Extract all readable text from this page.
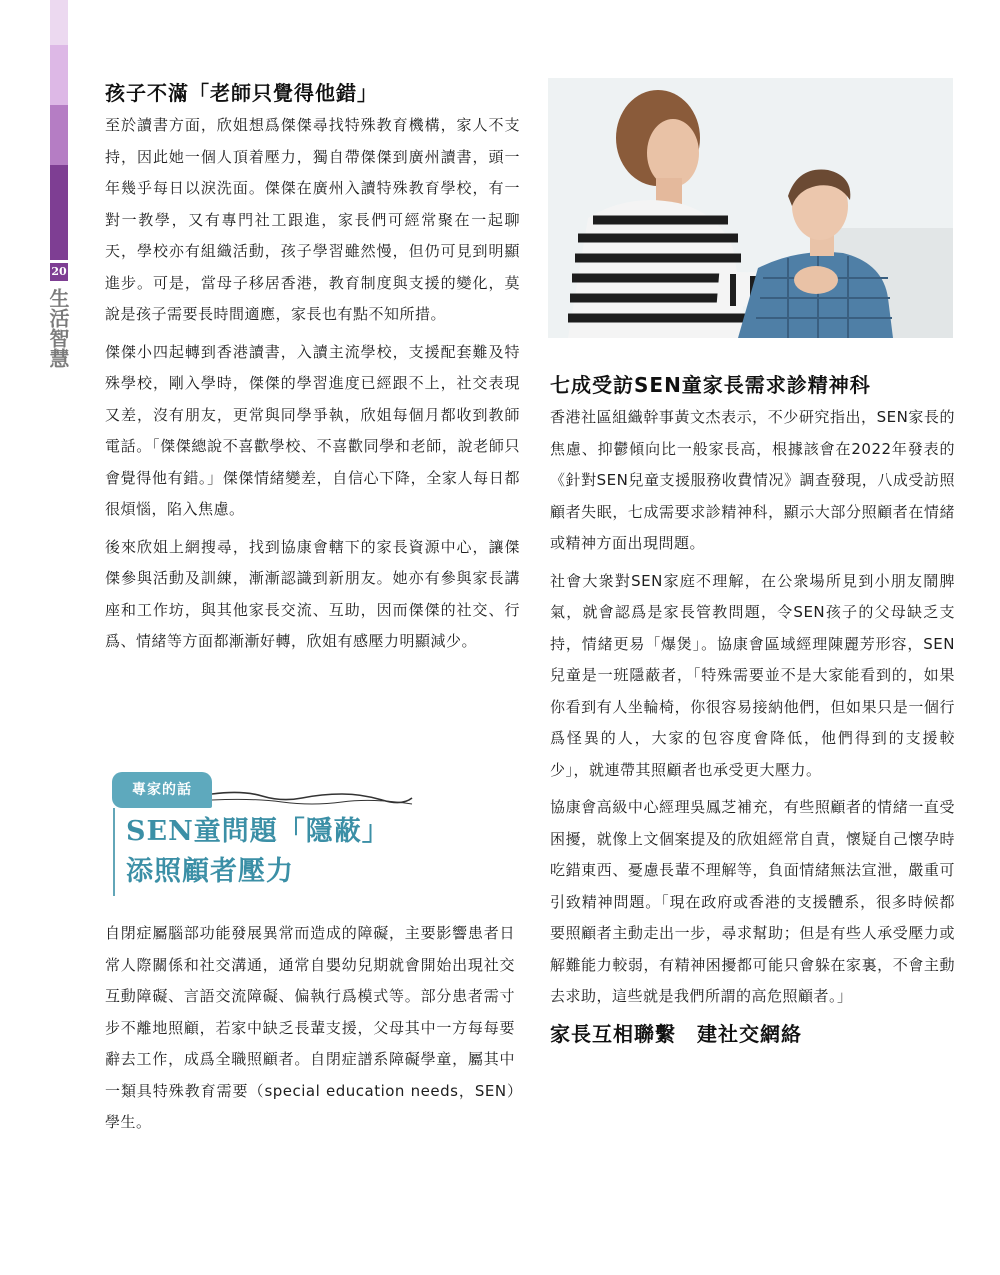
20
生活智慧
孩子不滿「老師只覺得他錯」

至於讀書方面，欣姐想爲傑傑尋找特殊教育機構，家人不支持，因此她一個人頂着壓力，獨自帶傑傑到廣州讀書，頭一年幾乎每日以淚洗面。傑傑在廣州入讀特殊教育學校，有一對一教學，又有專門社工跟進，家長們可經常聚在一起聊天，學校亦有組織活動，孩子學習雖然慢，但仍可見到明顯進步。可是，當母子移居香港，教育制度與支援的變化，莫說是孩子需要長時間適應，家長也有點不知所措。

傑傑小四起轉到香港讀書，入讀主流學校，支援配套難及特殊學校，剛入學時，傑傑的學習進度已經跟不上，社交表現又差，沒有朋友，更常與同學爭執，欣姐每個月都收到教師電話。「傑傑總說不喜歡學校、不喜歡同學和老師，說老師只會覺得他有錯。」傑傑情緒變差，自信心下降，全家人每日都很煩惱，陷入焦慮。

後來欣姐上網搜尋，找到協康會轄下的家長資源中心，讓傑傑參與活動及訓練，漸漸認識到新朋友。她亦有參與家長講座和工作坊，與其他家長交流、互助，因而傑傑的社交、行爲、情緒等方面都漸漸好轉，欣姐有感壓力明顯減少。

專家的話
SEN童問題「隱蔽」
添照顧者壓力

自閉症屬腦部功能發展異常而造成的障礙，主要影響患者日常人際關係和社交溝通，通常自嬰幼兒期就會開始出現社交互動障礙、言語交流障礙、偏執行爲模式等。部分患者需寸步不離地照顧，若家中缺乏長輩支援，父母其中一方每每要辭去工作，成爲全職照顧者。自閉症譜系障礙學童，屬其中一類具特殊教育需要（special education needs，SEN）學生。

七成受訪SEN童家長需求診精神科

香港社區組織幹事黃文杰表示，不少研究指出，SEN家長的焦慮、抑鬱傾向比一般家長高，根據該會在2022年發表的《針對SEN兒童支援服務收費情况》調查發現，八成受訪照顧者失眠，七成需要求診精神科，顯示大部分照顧者在情緒或精神方面出現問題。

社會大衆對SEN家庭不理解，在公衆場所見到小朋友鬧脾氣，就會認爲是家長管教問題，令SEN孩子的父母缺乏支持，情緒更易「爆煲」。協康會區域經理陳麗芳形容，SEN兒童是一班隱蔽者，「特殊需要並不是大家能看到的，如果你看到有人坐輪椅，你很容易接納他們，但如果只是一個行爲怪異的人，大家的包容度會降低，他們得到的支援較少」，就連帶其照顧者也承受更大壓力。

協康會高級中心經理吳鳳芝補充，有些照顧者的情緒一直受困擾，就像上文個案提及的欣姐經常自責，懷疑自己懷孕時吃錯東西、憂慮長輩不理解等，負面情緒無法宣泄，嚴重可引致精神問題。「現在政府或香港的支援體系，很多時候都要照顧者主動走出一步，尋求幫助；但是有些人承受壓力或解難能力較弱，有精神困擾都可能只會躲在家裏，不會主動去求助，這些就是我們所謂的高危照顧者。」

家長互相聯繫　建社交網絡
